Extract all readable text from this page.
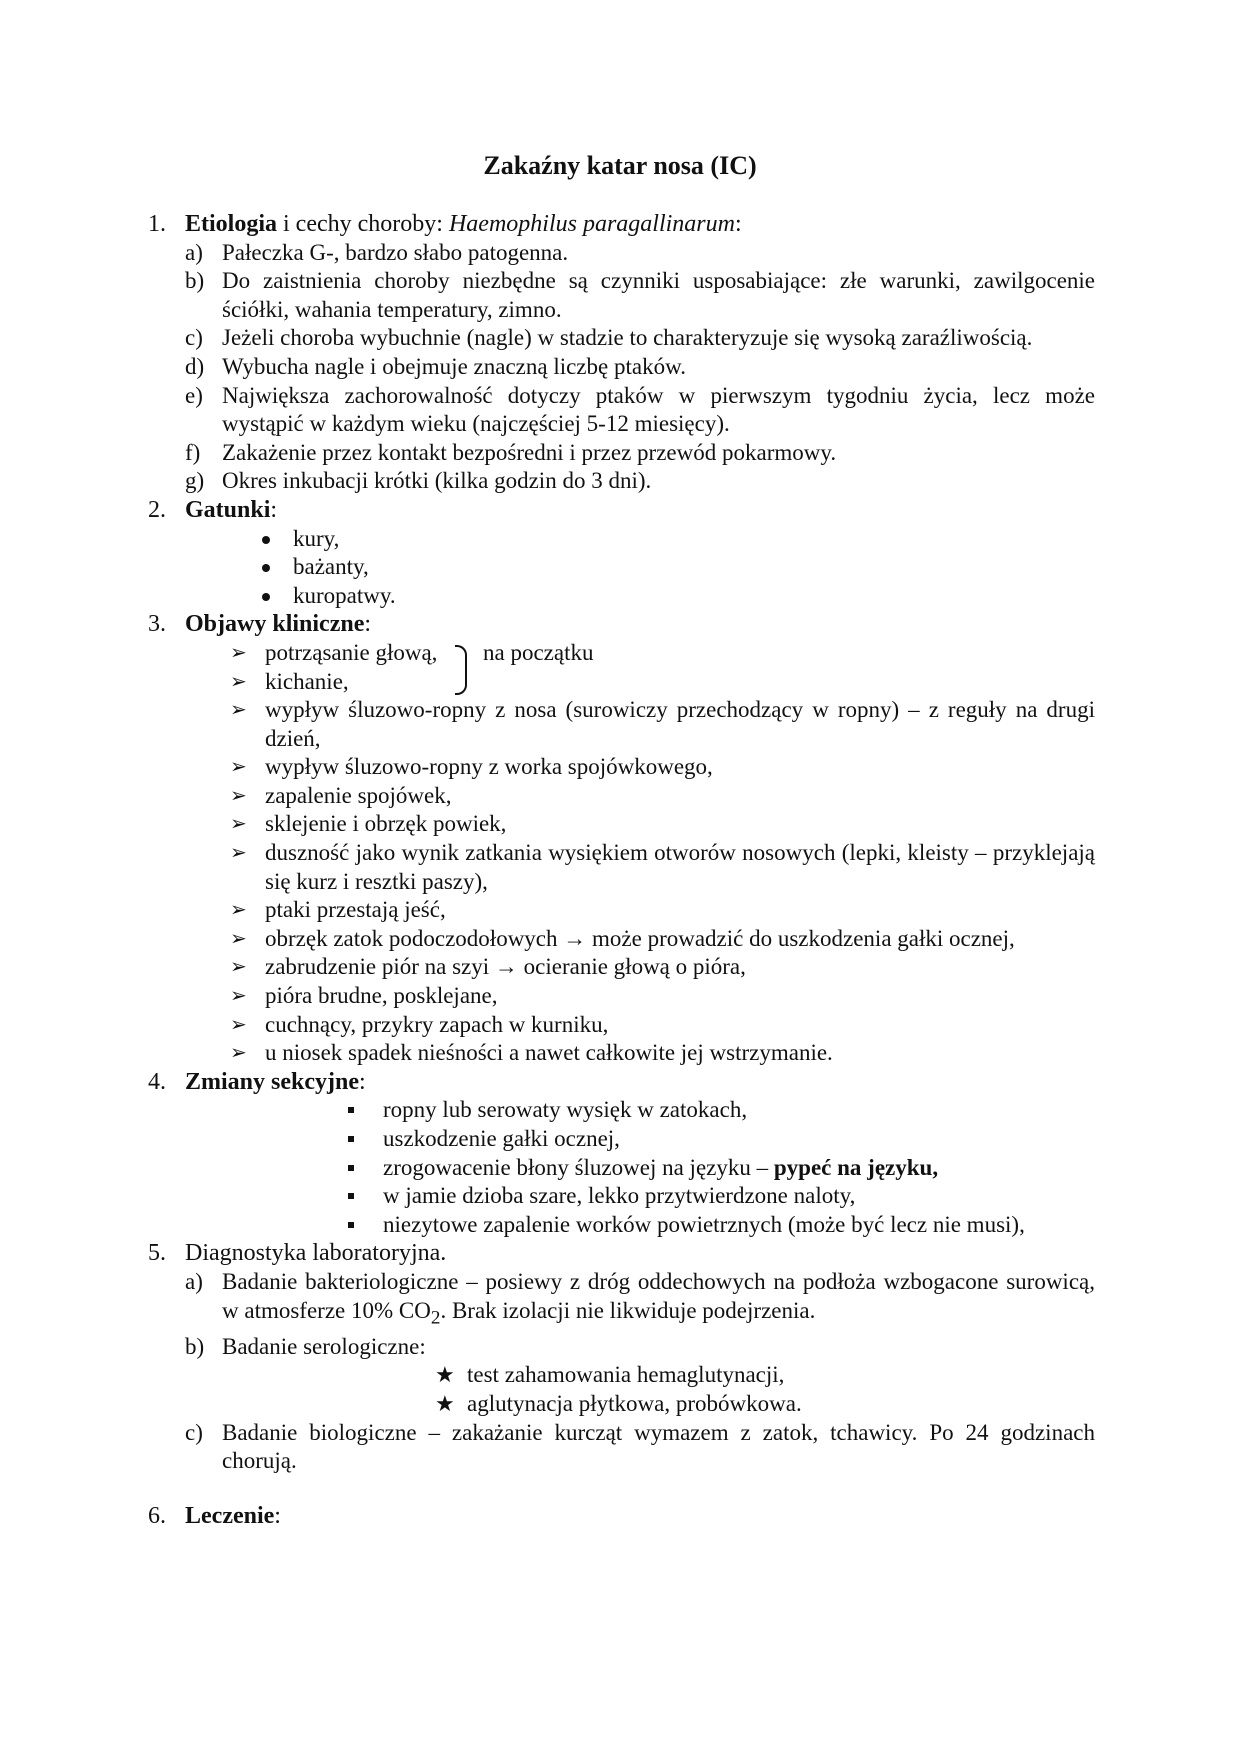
Zakaźny katar nosa (IC)
1. Etiologia i cechy choroby: Haemophilus paragallinarum:
a) Pałeczka G-, bardzo słabo patogenna.
b) Do zaistnienia choroby niezbędne są czynniki usposabiające: złe warunki, zawilgocenie ściółki, wahania temperatury, zimno.
c) Jeżeli choroba wybuchnie (nagle) w stadzie to charakteryzuje się wysoką zaraźliwością.
d) Wybucha nagle i obejmuje znaczną liczbę ptaków.
e) Największa zachorowalność dotyczy ptaków w pierwszym tygodniu życia, lecz może wystąpić w każdym wieku (najczęściej 5-12 miesięcy).
f) Zakażenie przez kontakt bezpośredni i przez przewód pokarmowy.
g) Okres inkubacji krótki (kilka godzin do 3 dni).
2. Gatunki:
kury,
bażanty,
kuropatwy.
3. Objawy kliniczne:
➢ potrząsanie głową,
➢ kichanie,
na początku
➢ wypływ śluzowo-ropny z nosa (surowiczy przechodzący w ropny) – z reguły na drugi dzień,
➢ wypływ śluzowo-ropny z worka spojówkowego,
➢ zapalenie spojówek,
➢ sklejenie i obrzęk powiek,
➢ duszność jako wynik zatkania wysiękiem otworów nosowych (lepki, kleisty – przyklejają się kurz i resztki paszy),
➢ ptaki przestają jeść,
➢ obrzęk zatok podoczodołowych → może prowadzić do uszkodzenia gałki ocznej,
➢ zabrudzenie piór na szyi → ocieranie głową o pióra,
➢ pióra brudne, posklejane,
➢ cuchnący, przykry zapach w kurniku,
➢ u niosek spadek nieśności a nawet całkowite jej wstrzymanie.
4. Zmiany sekcyjne:
ropny lub serowaty wysięk w zatokach,
uszkodzenie gałki ocznej,
zrogowacenie błony śluzowej na języku – pypeć na języku,
w jamie dzioba szare, lekko przytwierdzone naloty,
niezytowe zapalenie worków powietrznych (może być lecz nie musi),
5. Diagnostyka laboratoryjna.
a) Badanie bakteriologiczne – posiewy z dróg oddechowych na podłoża wzbogacone surowicą, w atmosferze 10% $CO_2$. Brak izolacji nie likwiduje podejrzenia.
b) Badanie serologiczne:
★ test zahamowania hemaglutynacji,
★ aglutynacja płytkowa, probówkowa.
c) Badanie biologiczne – zakażanie kurcząt wymazem z zatok, tchawicy. Po 24 godzinach chorują.
6. Leczenie:
